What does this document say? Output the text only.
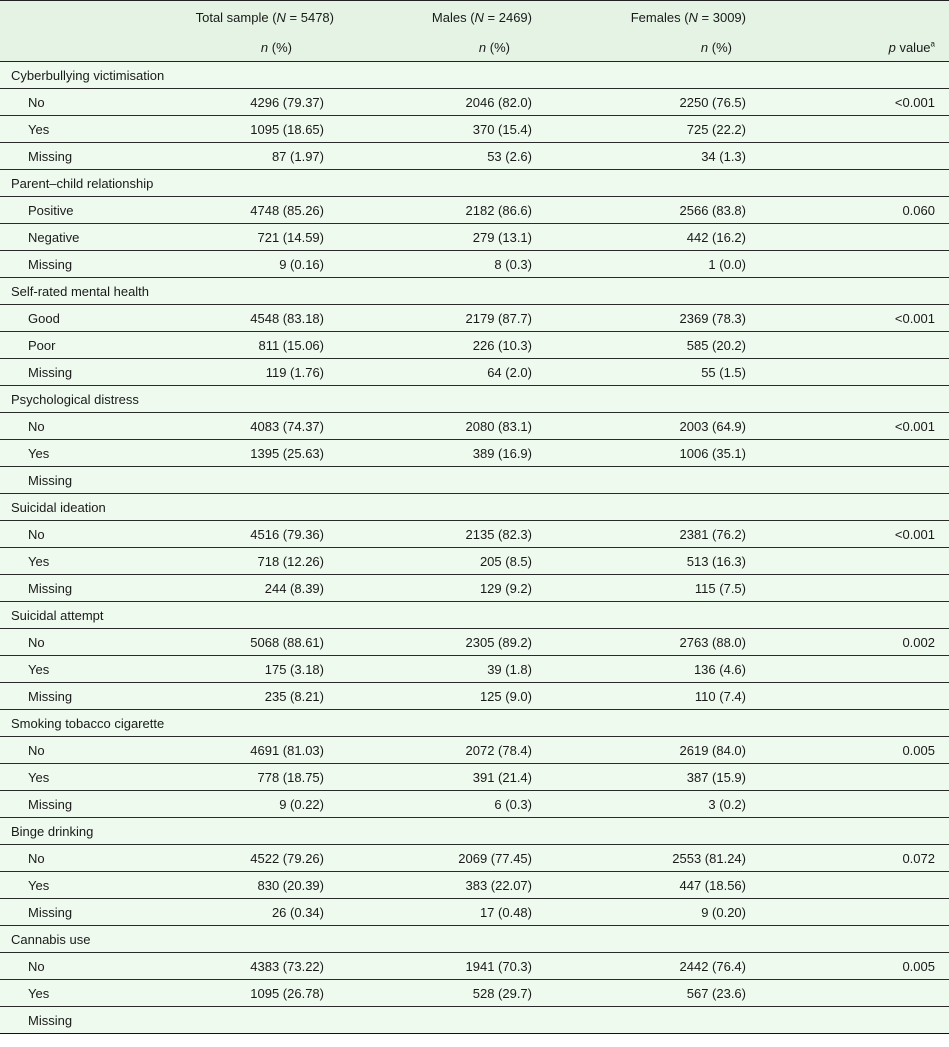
	Total sample (N = 5478)	Males (N = 2469)	Females (N = 3009)	
	n (%)	n (%)	n (%)	p value$^a$
Cyberbullying victimisation				
No	4296 (79.37)	2046 (82.0)	2250 (76.5)	<0.001
Yes	1095 (18.65)	370 (15.4)	725 (22.2)	
Missing	87 (1.97)	53 (2.6)	34 (1.3)	
Parent–child relationship				
Positive	4748 (85.26)	2182 (86.6)	2566 (83.8)	0.060
Negative	721 (14.59)	279 (13.1)	442 (16.2)	
Missing	9 (0.16)	8 (0.3)	1 (0.0)	
Self-rated mental health				
Good	4548 (83.18)	2179 (87.7)	2369 (78.3)	<0.001
Poor	811 (15.06)	226 (10.3)	585 (20.2)	
Missing	119 (1.76)	64 (2.0)	55 (1.5)	
Psychological distress				
No	4083 (74.37)	2080 (83.1)	2003 (64.9)	<0.001
Yes	1395 (25.63)	389 (16.9)	1006 (35.1)	
Missing				
Suicidal ideation				
No	4516 (79.36)	2135 (82.3)	2381 (76.2)	<0.001
Yes	718 (12.26)	205 (8.5)	513 (16.3)	
Missing	244 (8.39)	129 (9.2)	115 (7.5)	
Suicidal attempt				
No	5068 (88.61)	2305 (89.2)	2763 (88.0)	0.002
Yes	175 (3.18)	39 (1.8)	136 (4.6)	
Missing	235 (8.21)	125 (9.0)	110 (7.4)	
Smoking tobacco cigarette				
No	4691 (81.03)	2072 (78.4)	2619 (84.0)	0.005
Yes	778 (18.75)	391 (21.4)	387 (15.9)	
Missing	9 (0.22)	6 (0.3)	3 (0.2)	
Binge drinking				
No	4522 (79.26)	2069 (77.45)	2553 (81.24)	0.072
Yes	830 (20.39)	383 (22.07)	447 (18.56)	
Missing	26 (0.34)	17 (0.48)	9 (0.20)	
Cannabis use				
No	4383 (73.22)	1941 (70.3)	2442 (76.4)	0.005
Yes	1095 (26.78)	528 (29.7)	567 (23.6)	
Missing				
